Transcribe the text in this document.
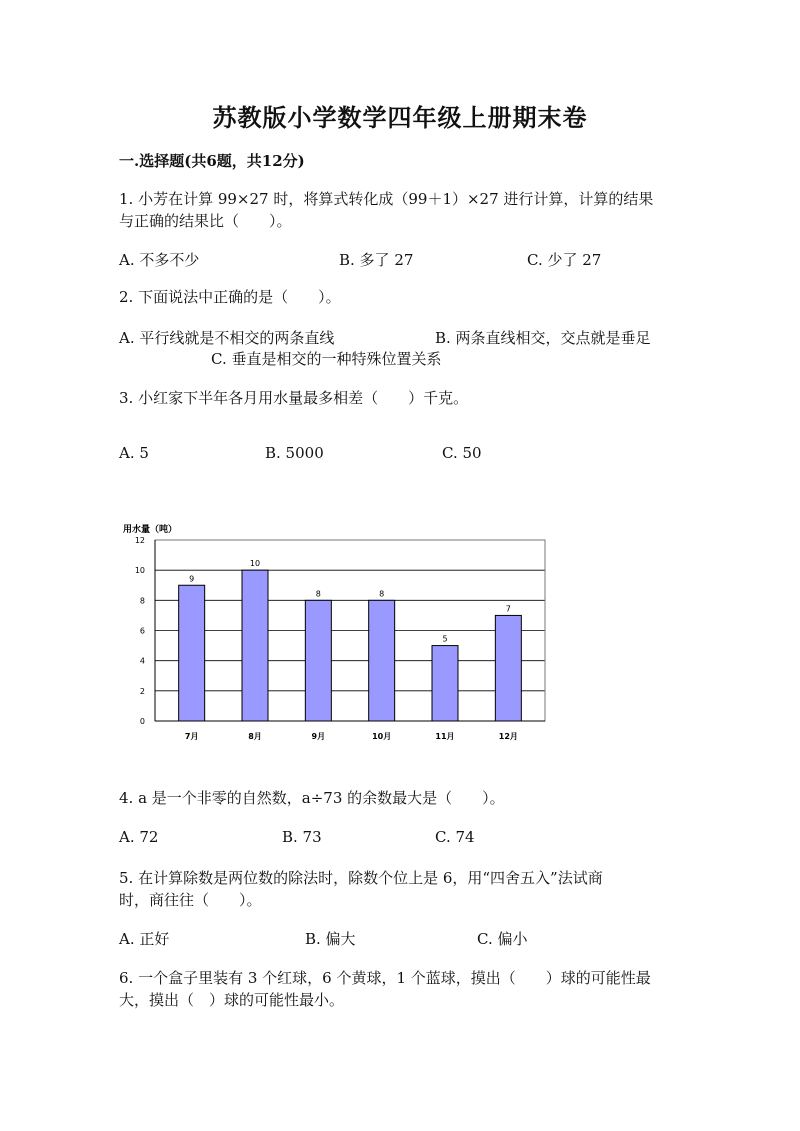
苏教版小学数学四年级上册期末卷
一.选择题(共6题，共12分)
1. 小芳在计算 99×27 时，将算式转化成（99＋1）×27 进行计算，计算的结果
与正确的结果比（　　）。
A. 不多不少	B. 多了 27	C. 少了 27
2. 下面说法中正确的是（　　）。
A. 平行线就是不相交的两条直线	B. 两条直线相交，交点就是垂足
C. 垂直是相交的一种特殊位置关系
3. 小红家下半年各月用水量最多相差（　　）千克。
A. 5	B. 5000	C. 50
用水量（吨）
0
2
4
6
8
10
12
9
7月
10
8月
8
9月
8
10月
5
11月
7
12月
4. a 是一个非零的自然数，a÷73 的余数最大是（　　）。
A. 72	B. 73	C. 74
5. 在计算除数是两位数的除法时，除数个位上是 6，用“四舍五入”法试商
时，商往往（　　）。
A. 正好	B. 偏大	C. 偏小
6. 一个盒子里装有 3 个红球，6 个黄球，1 个蓝球，摸出（　　）球的可能性最
大，摸出（　）球的可能性最小。
